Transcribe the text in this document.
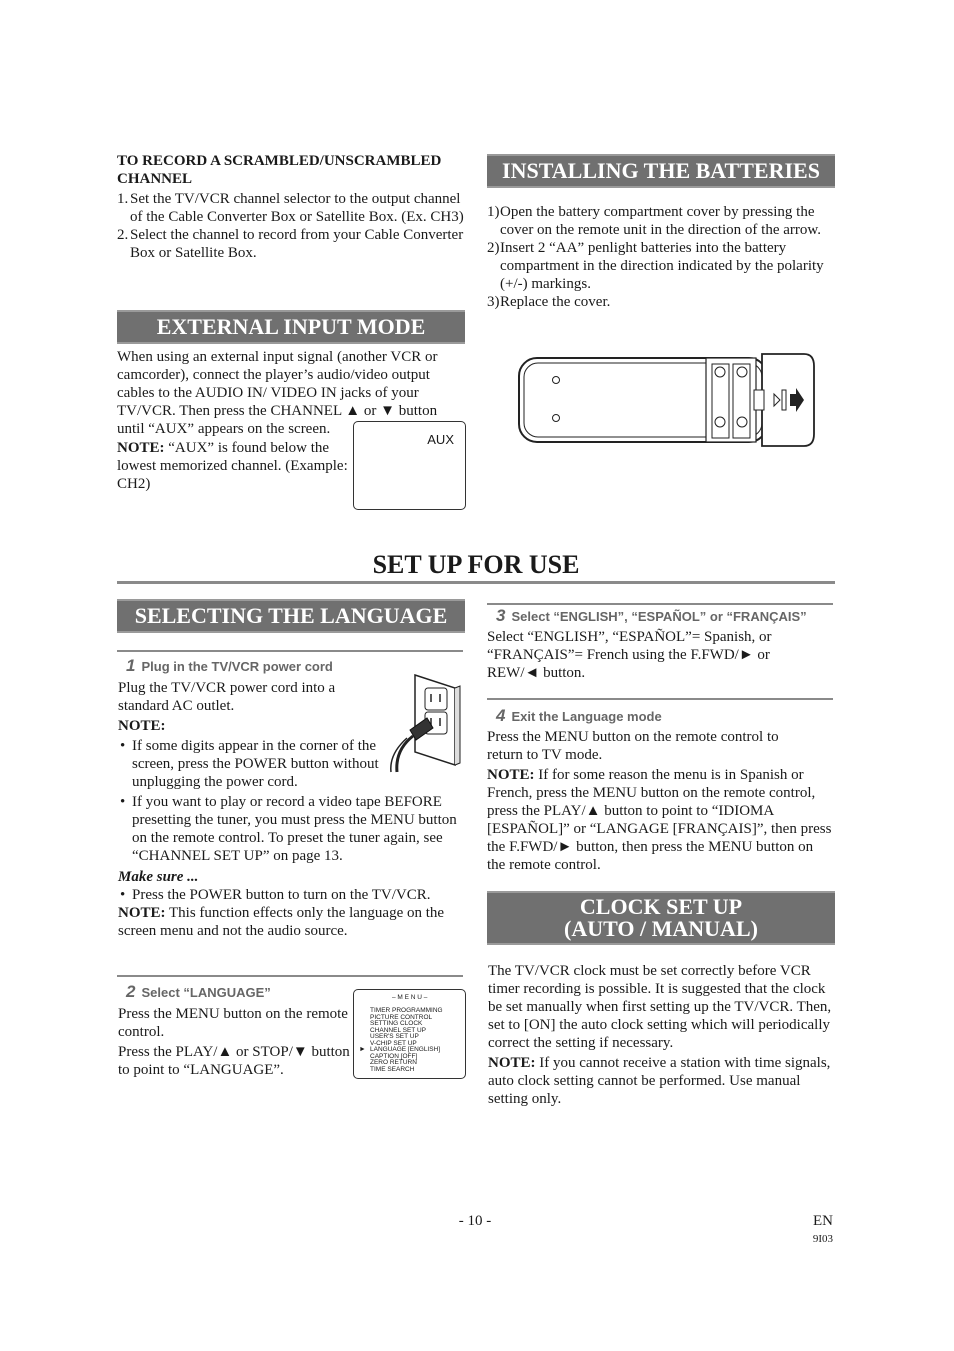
TO RECORD A SCRAMBLED/UNSCRAMBLED CHANNEL

1. Set the TV/VCR channel selector to the output channel of the Cable Converter Box or Satellite Box. (Ex. CH3)
2. Select the channel to record from your Cable Converter Box or Satellite Box.
EXTERNAL INPUT MODE

When using an external input signal (another VCR or camcorder), connect the player’s audio/video output cables to the AUDIO IN/ VIDEO IN jacks of your TV/VCR. Then press the CHANNEL ▲ or ▼ button until “AUX” appears on the screen.

NOTE: “AUX” is found below the lowest memorized channel. (Example: CH2)

AUX
INSTALLING THE BATTERIES
1) Open the battery compartment cover by pressing the cover on the remote unit in the direction of the arrow.
2) Insert 2 “AA” penlight batteries into the battery compartment in the direction indicated by the polarity (+/-) markings.
3) Replace the cover.
SET UP FOR USE
SELECTING THE LANGUAGE
1 Plug in the TV/VCR power cord

Plug the TV/VCR power cord into a standard AC outlet.

NOTE:

• If some digits appear in the corner of the screen, press the POWER button without unplugging the power cord.
• If you want to play or record a video tape BEFORE presetting the tuner, you must press the MENU button on the remote control. To preset the tuner again, see “CHANNEL SET UP” on page 13.

Make sure ...

• Press the POWER button to turn on the TV/VCR.

NOTE: This function effects only the language on the screen menu and not the audio source.

2 Select “LANGUAGE”

Press the MENU button on the remote control.

Press the PLAY/▲ or STOP/▼ button to point to “LANGUAGE”.

– M E N U –
TIMER PROGRAMMING
PICTURE CONTROL
SETTING CLOCK
CHANNEL SET UP
USER'S SET UP
V-CHIP SET UP
LANGUAGE [ENGLISH]
CAPTION [OFF]
ZERO RETURN
TIME SEARCH
►
3 Select “ENGLISH”, “ESPAÑOL” or “FRANÇAIS”

Select “ENGLISH”, “ESPAÑOL”= Spanish, or “FRANÇAIS”= French using the F.FWD/► or REW/◄ button.

4 Exit the Language mode

Press the MENU button on the remote control to return to TV mode.

NOTE: If for some reason the menu is in Spanish or French, press the MENU button on the remote control, press the PLAY/▲ button to point to “IDIOMA [ESPAÑOL]” or “LANGAGE [FRANÇAIS]”, then press the F.FWD/► button, then press the MENU button on the remote control.

CLOCK SET UP
(AUTO / MANUAL)

The TV/VCR clock must be set correctly before VCR timer recording is possible. It is suggested that the clock be set manually when first setting up the TV/VCR. Then, set to [ON] the auto clock setting which will periodically correct the setting if necessary.

NOTE: If you cannot receive a station with time signals, auto clock setting cannot be performed. Use manual setting only.

- 10 -	EN
9I03
